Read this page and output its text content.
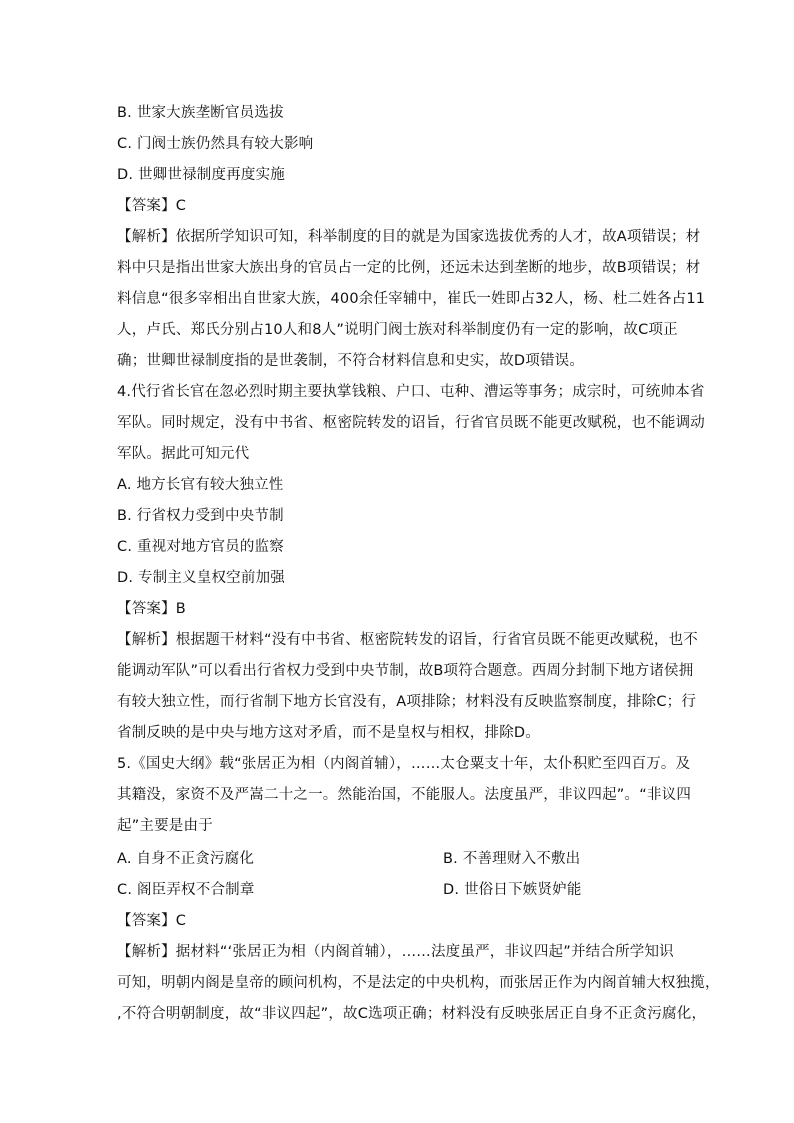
B. 世家大族垄断官员选拔
C. 门阀士族仍然具有较大影响
D. 世卿世禄制度再度实施
【答案】C
【解析】依据所学知识可知，科举制度的目的就是为国家选拔优秀的人才，故A项错误；材
料中只是指出世家大族出身的官员占一定的比例，还远未达到垄断的地步，故B项错误；材
料信息“很多宰相出自世家大族，400余任宰辅中，崔氏一姓即占32人，杨、杜二姓各占11
人，卢氏、郑氏分别占10人和8人”说明门阀士族对科举制度仍有一定的影响，故C项正
确；世卿世禄制度指的是世袭制，不符合材料信息和史实，故D项错误。
4.代行省长官在忽必烈时期主要执掌钱粮、户口、屯种、漕运等事务；成宗时，可统帅本省
军队。同时规定，没有中书省、枢密院转发的诏旨，行省官员既不能更改赋税，也不能调动
军队。据此可知元代
A. 地方长官有较大独立性
B. 行省权力受到中央节制
C. 重视对地方官员的监察
D. 专制主义皇权空前加强
【答案】B
【解析】根据题干材料“没有中书省、枢密院转发的诏旨，行省官员既不能更改赋税，也不
能调动军队”可以看出行省权力受到中央节制，故B项符合题意。西周分封制下地方诸侯拥
有较大独立性，而行省制下地方长官没有，A项排除；材料没有反映监察制度，排除C；行
省制反映的是中央与地方这对矛盾，而不是皇权与相权，排除D。
5.《国史大纲》载“张居正为相（内阁首辅），……太仓粟支十年，太仆积贮至四百万。及
其籍没，家资不及严嵩二十之一。然能治国，不能服人。法度虽严，非议四起”。“非议四
起”主要是由于
A. 自身不正贪污腐化	B. 不善理财入不敷出
C. 阁臣弄权不合制章	D. 世俗日下嫉贤妒能
【答案】C
【解析】据材料“‘张居正为相（内阁首辅），……法度虽严，非议四起”并结合所学知识
可知，明朝内阁是皇帝的顾问机构，不是法定的中央机构，而张居正作为内阁首辅大权独揽，
,不符合明朝制度，故“非议四起”，故C选项正确；材料没有反映张居正自身不正贪污腐化，
